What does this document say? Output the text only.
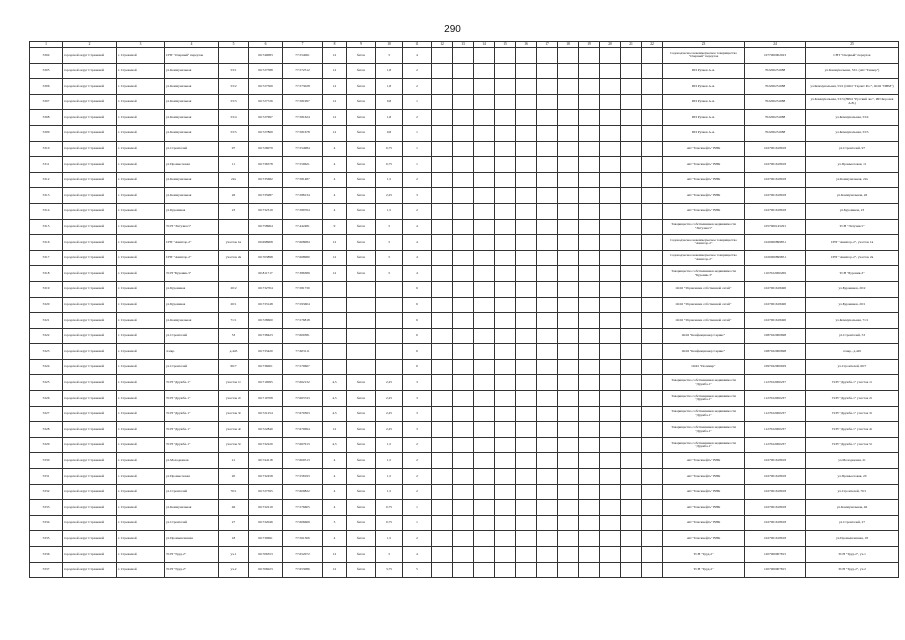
290
1	2	3	4	5	6	7	8	9	10	11	12	13	14	15	16	17	18	19	20	21	22	23	24	25
5304	городской округ Стрежевой	г. Стрежевой	СНТ "Озерный" переулок		60.749083	77.554061	12	бетон	3	4												Садоводческое некоммерческое товарищество "Озерный" переулок	1077000002023	СНТ "Озерный" переулок
5305	городской округ Стрежевой	г. Стрежевой	ул.Коммунальная	53/1	60.727588	77.572512	12	бетон	1,8	2												ИП Рулков А.А.	702200231688	ул.Коммунальная, 53/1 (АО "Танкер")
5306	городской округ Стрежевой	г. Стрежевой	ул.Коммунальная	53/2	60.727569	77.573028	12	бетон	1,8	2												ИП Рулков А.А.	702200231688	ул.Коммунальная, 53/2 (ООО "Гарант Рос", ООО "ИВМ")
5307	городской округ Стрежевой	г. Стрежевой	ул.Коммунальная	53/3	60.727726	77.581997	12	бетон	0,8	1												ИП Рулков А.А.	702200231688	ул.Коммунальная, 53/3 (НПО "Русский лес", ИП Королев А.В.)
5308	городской округ Стрежевой	г. Стрежевой	ул.Коммунальная	53/4	60.727697	77.581624	12	бетон	1,8	2												ИП Рулков А.А.	702200231688	ул.Коммунальная, 53/4
5309	городской округ Стрежевой	г. Стрежевой	ул.Коммунальная	53/5	60.727869	77.581678	12	бетон	0,8	1												ИП Рулков А.А.	702200231688	ул.Коммунальная, 53/5
5310	городской округ Стрежевой	г. Стрежевой	ул.Строителей	97	60.726079	77.554984	4	бетон	0,75	1												АО "Томскнефть" ВНК	1027001618918	ул.Строителей, 97
5311	городской округ Стрежевой	г. Стрежевой	ул.Промысловая	11	60.736578	77.559621	4	бетон	0,75	1												АО "Томскнефть" ВНК	1027001618918	ул.Промысловая, 11
5312	городской округ Стрежевой	г. Стрежевой	ул.Коммунальная	22а	60.735682	77.581487	4	бетон	1,5	2												АО "Томскнефть" ВНК	1027001618918	ул.Коммунальная, 22а
5313	городской округ Стрежевой	г. Стрежевой	ул.Коммунальная	26	60.735987	77.588134	4	бетон	2,25	3												АО "Томскнефть" ВНК	1027001618918	ул.Коммунальная, 26
5314	городской округ Стрежевой	г. Стрежевой	ул.Буровиков	23	60.732319	77.589764	4	бетон	1,5	2												АО "Томскнефть" ВНК	1027001618918	ул.Буровиков, 23
5315	городской округ Стрежевой	г. Стрежевой	ТСН "Энтузиаст"		60.758964	77.442481	9	бетон	3	4												Товарищество собственников недвижимости "Энтузиаст"	1057000145291	ТСН "Энтузиаст"
5316	городской округ Стрежевой	г. Стрежевой	СНТ "Авиатор-2"	участок 1в	60.698908	77.608084	12	бетон	3	4												Садоводческое некоммерческое товарищество "Авиатор-2"	1020000899851	СНТ "Авиатор-2", участок 1в
5317	городской округ Стрежевой	г. Стрежевой	СНТ "Авиатор-2"	участок 2в	60.703898	77.668980	12	бетон	3	4												Садоводческое некоммерческое товарищество "Авиатор-2"	1020000899851	СНТ "Авиатор-2", участок 2в
5318	городской округ Стрежевой	г. Стрежевой	ТСН "Буровик-3"		60.811717	77.386389	12	бетон	3	4												Товарищество собственников недвижимости "Буровик-3"	1107022000269	ТСН "Буровик-3"
5319	городской округ Стрежевой	г. Стрежевой	ул.Буровиков	20/2	60.732704	77.581730				6												ООО "Управление собственной сетей"	1027001618490	ул.Буровиков, 20/2
5320	городской округ Стрежевой	г. Стрежевой	ул.Буровиков	20/1	60.733148	77.593604				6												ООО "Управление собственной сетей"	1027001618490	ул.Буровиков, 20/1
5321	городской округ Стрежевой	г. Стрежевой	ул.Коммунальная	71/1	60.728600	77.576818				6												ООО "Управление собственной сетей"	1027001618490	ул.Коммунальная, 71/1
5322	городской округ Стрежевой	г. Стрежевой	ул.Строителей	53	60.738423	77.600381				6												ООО "Конфекционер Сервис"	1087022000698	ул.Строителей, 53
5323	городской округ Стрежевой	г. Стрежевой	4 мкр.	д.445	60.733420	77.603111				6												ООО "Конфекционер Сервис"	1087022000698	4 мкр., д.445
5324	городской округ Стрежевой	г. Стрежевой	ул.Строителей	60/7	60.736001	77.579667				6												ООО "Полимер"	1097022000929	ул.Строителей, 60/7
5325	городской округ Стрежевой	г. Стрежевой	ТСН "Дружба-1"	участок 1г	60.710095	77.662132	4,5	бетон	2,25	3												Товарищество собственников недвижимости "Дружба-1"	1127022000237	ТСН "Дружба-1" участок 1г
5326	городской округ Стрежевой	г. Стрежевой	ТСН "Дружба-1"	участок 2г	60.710708	77.663743	4,5	бетон	2,25	3												Товарищество собственников недвижимости "Дружба-1"	1127022000237	ТСН "Дружба-1" участок 2г
5327	городской округ Стрежевой	г. Стрежевой	ТСН "Дружба-1"	участок 3г	60.721254	77.670363	4,5	бетон	2,25	3												Товарищество собственников недвижимости "Дружба-1"	1127022000237	ТСН "Дружба-1" участок 3г
5328	городской округ Стрежевой	г. Стрежевой	ТСН "Дружба-1"	участок 4г	60.722840	77.670694	12	бетон	2,25	3												Товарищество собственников недвижимости "Дружба-1"	1127022000237	ТСН "Дружба-1" участок 4г
5329	городской округ Стрежевой	г. Стрежевой	ТСН "Дружба-1"	участок 5г	60.732220	77.667913	4,5	бетон	1,5	2												Товарищество собственников недвижимости "Дружба-1"	1127022000237	ТСН "Дружба-1" участок 5г
5330	городской округ Стрежевой	г. Стрежевой	ул.Молодежная	21	60.744118	77.600513	4	бетон	1,5	2												АО "Томскнефть" ВНК	1027001618918	ул.Молодежная, 21
5331	городской округ Стрежевой	г. Стрежевой	ул.Промысловая	20	60.732458	77.558193	4	бетон	1,5	2												АО "Томскнефть" ВНК	1027001618918	ул.Промысловая, 20
5332	городской округ Стрежевой	г. Стрежевой	ул.Строителей	70/1	60.727595	77.609822	4	бетон	1,5	2												АО "Томскнефть" ВНК	1027001618918	ул.Строителей, 70/1
5333	городской округ Стрежевой	г. Стрежевой	ул.Коммунальная	46	60.732219	77.576605	4	бетон	0,75	1												АО "Томскнефть" ВНК	1027001618918	ул.Коммунальная, 46
5334	городской округ Стрежевой	г. Стрежевой	ул.Строителей	27	60.732046	77.606669	3	бетон	0,75	1												АО "Томскнефть" ВНК	1027001618918	ул.Строителей, 27
5335	городской округ Стрежевой	г. Стрежевой	ул.Промышленная	18	60.730691	77.561306	4	бетон	1,5	2												АО "Томскнефть" ВНК	1027001618918	ул.Промышленная, 18
5336	городской округ Стрежевой	г. Стрежевой	ТСН "Труд-2"	уч.1	60.706353	77.652072	12	бетон	3	4												ТСН "Труд-2"	1207000007815	ТСН "Труд-2", уч.1
5337	городской округ Стрежевой	г. Стрежевой	ТСН "Труд-2"	уч.2	60.706023	77.653086	12	бетон	3,75	5												ТСН "Труд-2"	1207000007815	ТСН "Труд-2", уч.2
